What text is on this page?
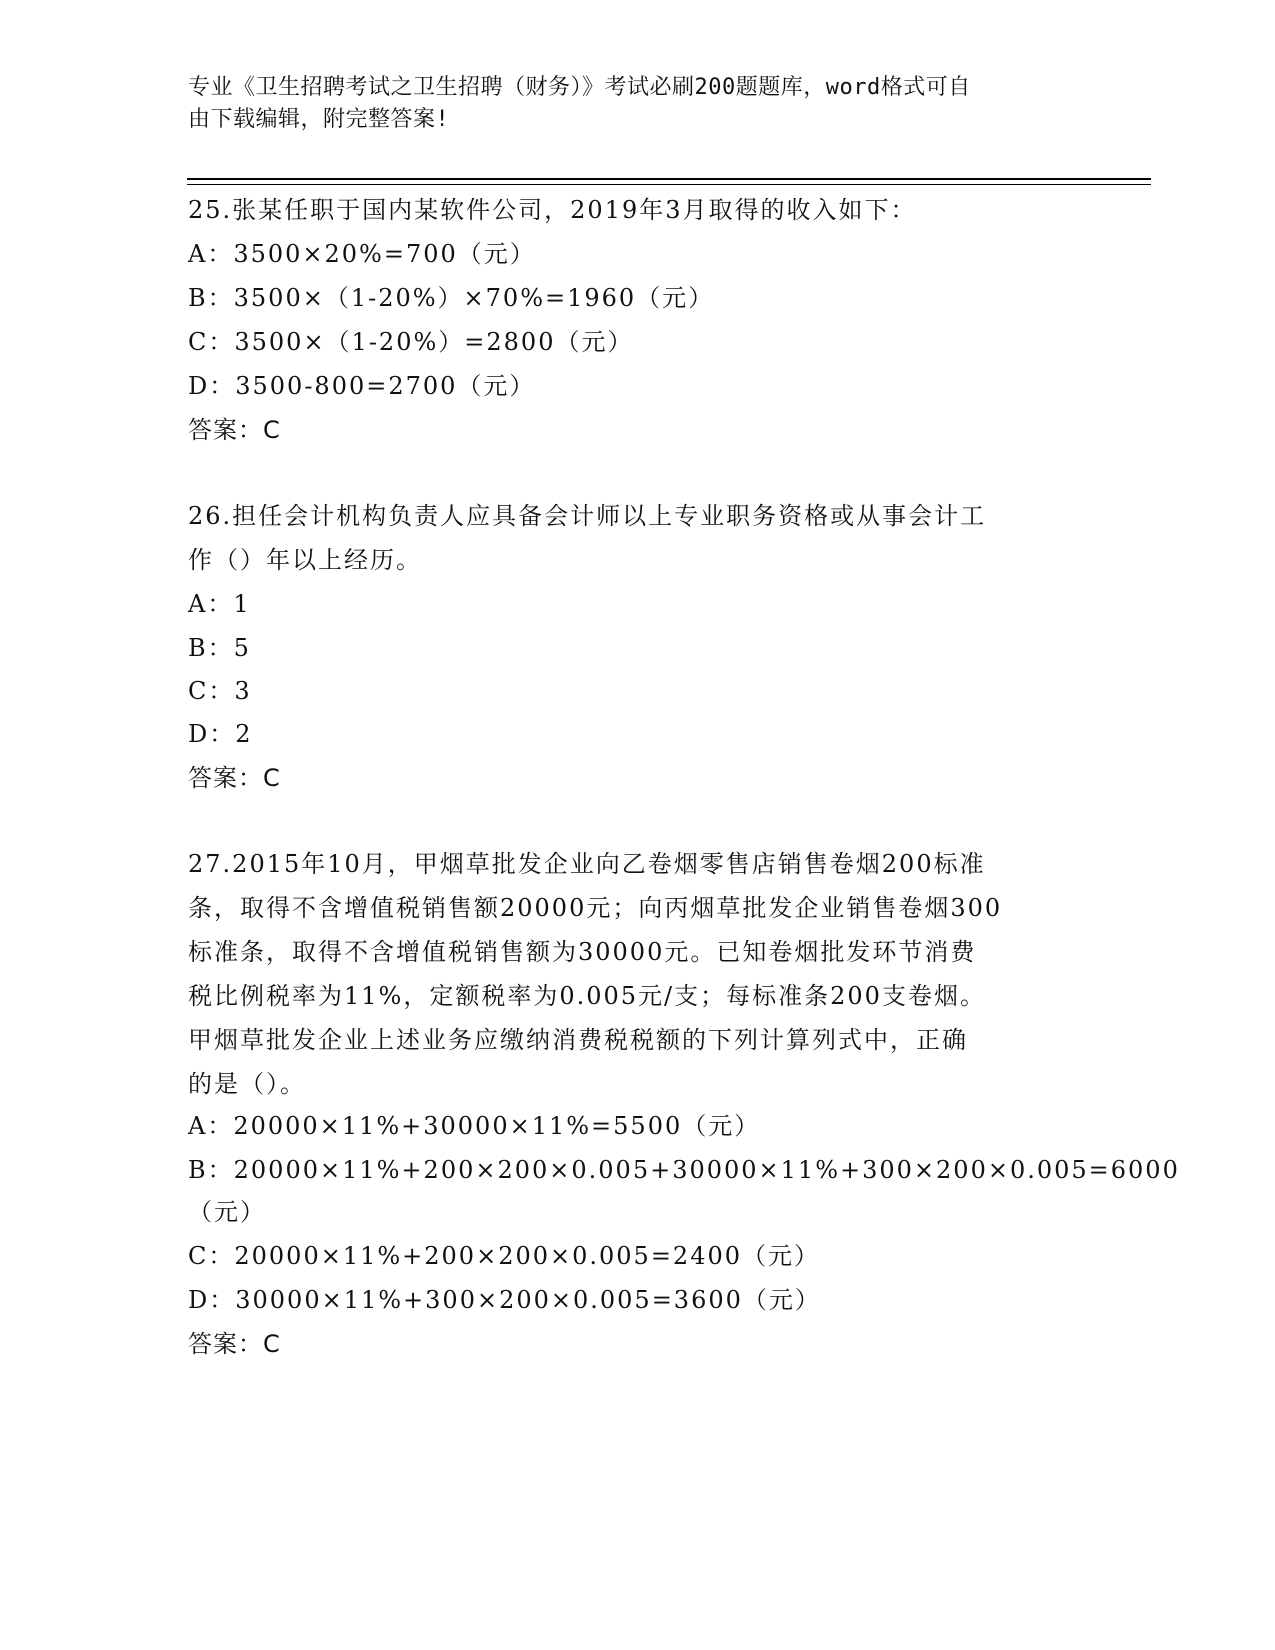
专业《卫生招聘考试之卫生招聘（财务）》考试必刷200题题库，word格式可自
由下载编辑，附完整答案!
25.张某任职于国内某软件公司，2019年3月取得的收入如下：
A：3500×20%=700（元）
B：3500×（1-20%）×70%=1960（元）
C：3500×（1-20%）=2800（元）
D：3500-800=2700（元）
答案：C
26.担任会计机构负责人应具备会计师以上专业职务资格或从事会计工
作（）年以上经历。
A：1
B：5
C：3
D：2
答案：C
27.2015年10月，甲烟草批发企业向乙卷烟零售店销售卷烟200标准
条，取得不含增值税销售额20000元；向丙烟草批发企业销售卷烟300
标准条，取得不含增值税销售额为30000元。已知卷烟批发环节消费
税比例税率为11%，定额税率为0.005元/支；每标准条200支卷烟。
甲烟草批发企业上述业务应缴纳消费税税额的下列计算列式中，正确
的是（）。
A：20000×11%+30000×11%=5500（元）
B：20000×11%+200×200×0.005+30000×11%+300×200×0.005=6000
（元）
C：20000×11%+200×200×0.005=2400（元）
D：30000×11%+300×200×0.005=3600（元）
答案：C
